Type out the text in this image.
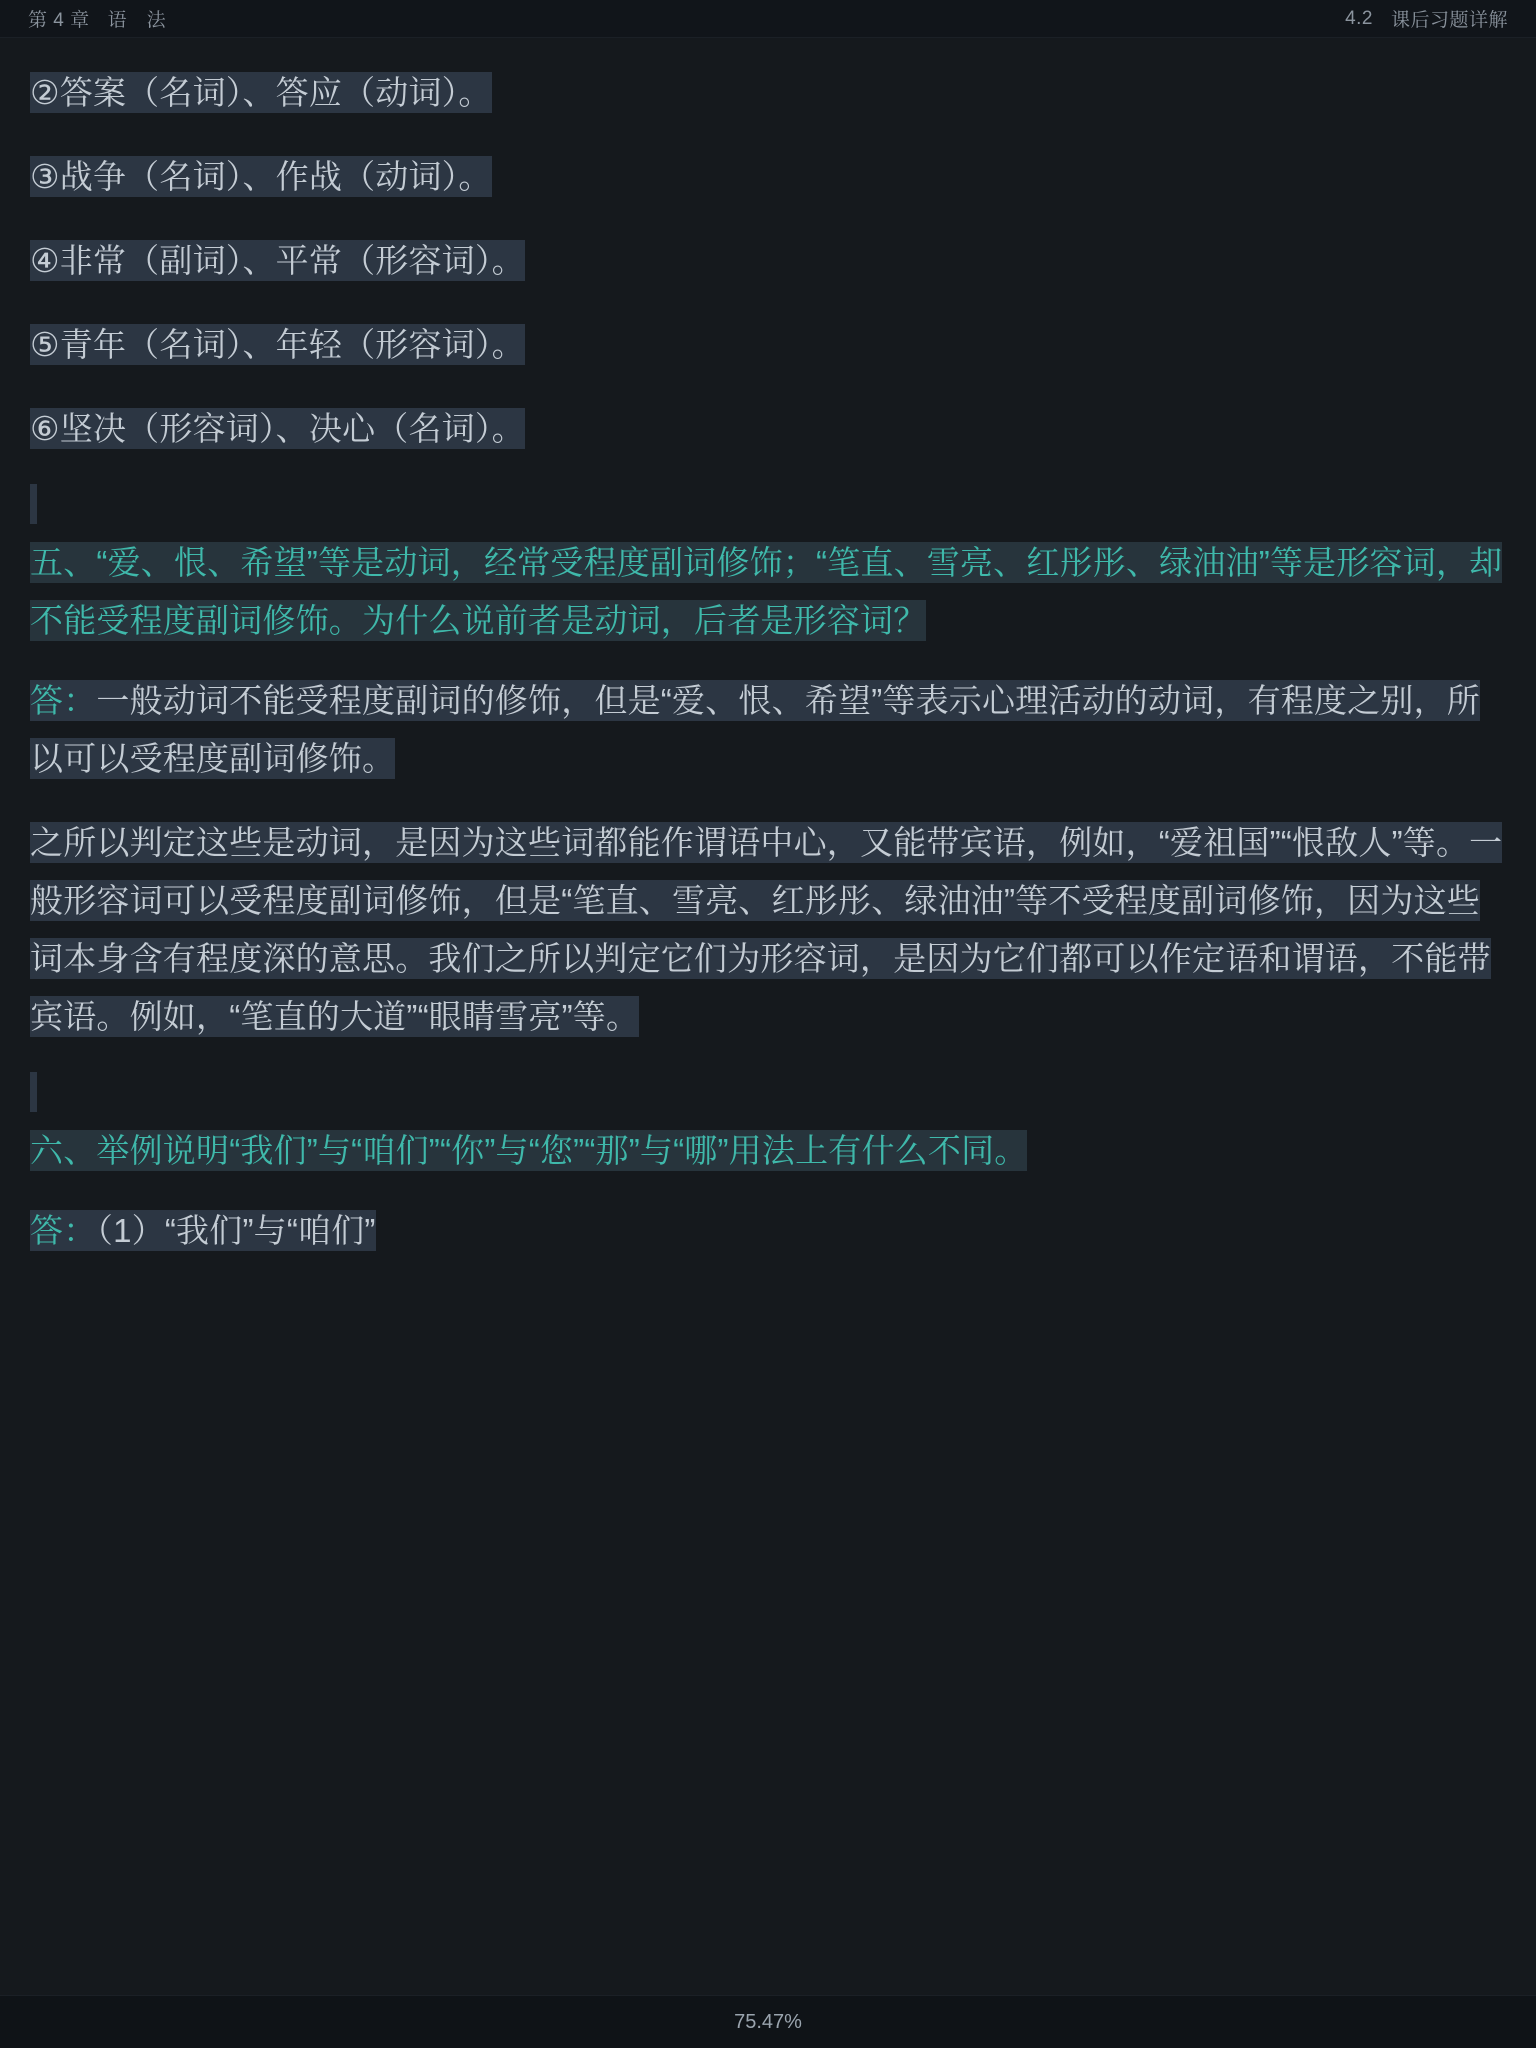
第 4 章 语　法	4.2 课后习题详解

②答案（名词）、答应（动词）。

③战争（名词）、作战（动词）。

④非常（副词）、平常（形容词）。

⑤青年（名词）、年轻（形容词）。

⑥坚决（形容词）、决心（名词）。

五、“爱、恨、希望”等是动词，经常受程度副词修饰；“笔直、雪亮、红彤彤、绿油油”等是形容词，却不能受程度副词修饰。为什么说前者是动词，后者是形容词？

答：一般动词不能受程度副词的修饰，但是“爱、恨、希望”等表示心理活动的动词，有程度之别，所以可以受程度副词修饰。

之所以判定这些是动词，是因为这些词都能作谓语中心，又能带宾语，例如，“爱祖国”“恨敌人”等。一般形容词可以受程度副词修饰，但是“笔直、雪亮、红彤彤、绿油油”等不受程度副词修饰，因为这些词本身含有程度深的意思。我们之所以判定它们为形容词，是因为它们都可以作定语和谓语，不能带宾语。例如，“笔直的大道”“眼睛雪亮”等。

六、举例说明“我们”与“咱们”“你”与“您”“那”与“哪”用法上有什么不同。

答：（1）“我们”与“咱们”

75.47%
